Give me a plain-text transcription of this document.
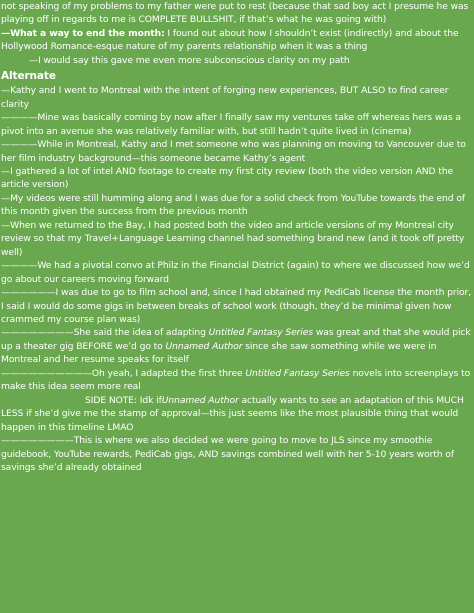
not speaking of my problems to my father were put to rest (because that sad boy act I presume he was playing off in regards to me is COMPLETE BULLSHIT, if that’s what he was going with)

—What a way to end the month: I found out about how I shouldn’t exist (indirectly) and about the Hollywood Romance-esque nature of my parents relationship when it was a thing

—I would say this gave me even more subconscious clarity on my path

Alternate

—Kathy and I went to Montreal with the intent of forging new experiences, BUT ALSO to find career clarity

————Mine was basically coming by now after I finally saw my ventures take off whereas hers was a pivot into an avenue she was relatively familiar with, but still hadn’t quite lived in (cinema)

————While in Montreal, Kathy and I met someone who was planning on moving to Vancouver due to her film industry background—this someone became Kathy’s agent

—I gathered a lot of intel AND footage to create my first city review (both the video version AND the article version)

—My videos were still humming along and I was due for a solid check from YouTube towards the end of this month given the success from the previous month

—When we returned to the Bay, I had posted both the video and article versions of my Montreal city review so that my Travel+Language Learning channel had something brand new (and it took off pretty well)

————We had a pivotal convo at Philz in the Financial District (again) to where we discussed how we’d go about our careers moving forward

——————I was due to go to film school and, since I had obtained my PediCab license the month prior, I said I would do some gigs in between breaks of school work (though, they’d be minimal given how crammed my course plan was)

————————She said the idea of adapting Untitled Fantasy Series was great and that she would pick up a theater gig BEFORE we’d go to Unnamed Author since she saw something while we were in Montreal and her resume speaks for itself

——————————Oh yeah, I adapted the first three Untitled Fantasy Series novels into screenplays to make this idea seem more real

SIDE NOTE: Idk ifUnnamed Author actually wants to see an adaptation of this MUCH LESS if she’d give me the stamp of approval—this just seems like the most plausible thing that would happen in this timeline LMAO

————————This is where we also decided we were going to move to JLS since my smoothie guidebook, YouTube rewards, PediCab gigs, AND savings combined well with her 5-10 years worth of savings she’d already obtained
